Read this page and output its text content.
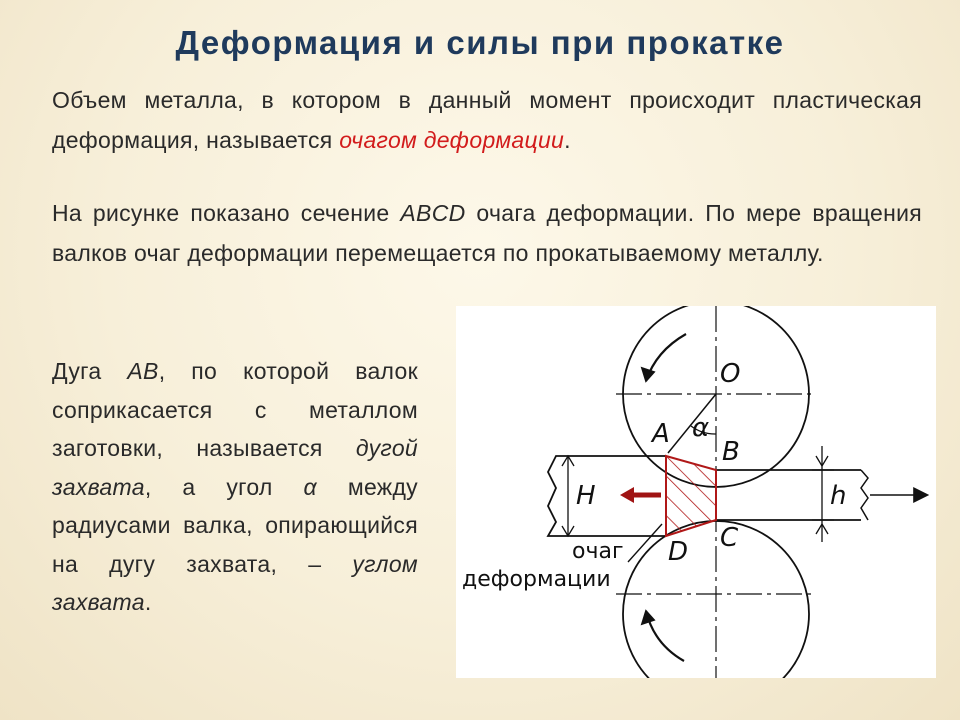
Деформация и силы при прокатке
Объем металла, в котором в данный момент происходит пластическая деформация, называется очагом деформации.
На рисунке показано сечение ABCD очага деформации. По мере вращения валков очаг деформации перемещается по прокатываемому металлу.
Дуга АВ, по которой валок соприкасается с металлом заготовки, называется дугой захвата, а угол α между радиусами валка, опирающийся на дугу захвата, – углом захвата.
O
A α
B
H	h
D C
очаг
деформации
